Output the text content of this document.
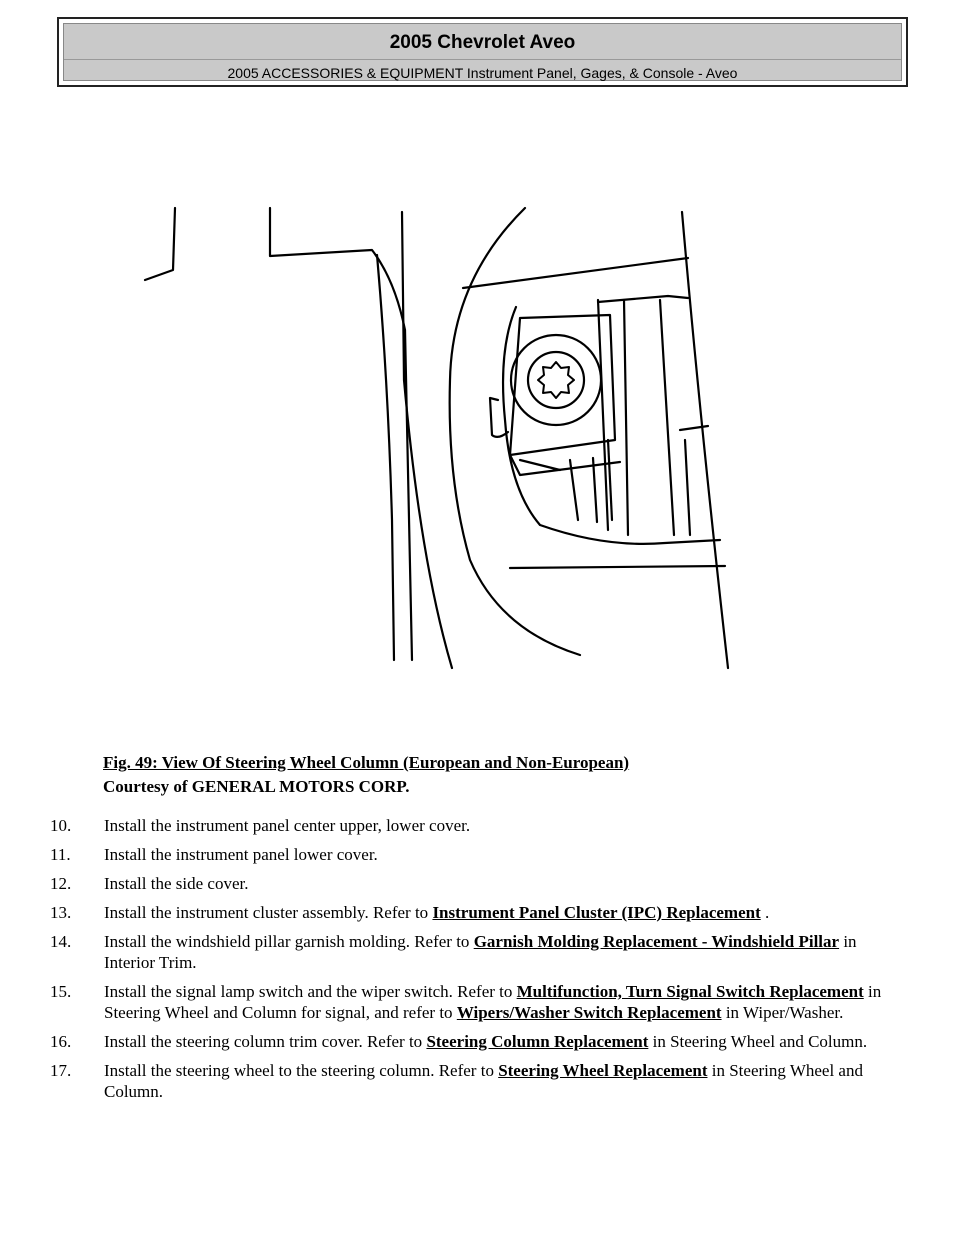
2005 Chevrolet Aveo
2005 ACCESSORIES & EQUIPMENT Instrument Panel, Gages, & Console - Aveo
Fig. 49: View Of Steering Wheel Column (European and Non-European)
Courtesy of GENERAL MOTORS CORP.
10. Install the instrument panel center upper, lower cover.
11. Install the instrument panel lower cover.
12. Install the side cover.
13. Install the instrument cluster assembly. Refer to Instrument Panel Cluster (IPC) Replacement .
14. Install the windshield pillar garnish molding. Refer to Garnish Molding Replacement - Windshield Pillar in Interior Trim.
15. Install the signal lamp switch and the wiper switch. Refer to Multifunction, Turn Signal Switch Replacement in Steering Wheel and Column for signal, and refer to Wipers/Washer Switch Replacement in Wiper/Washer.
16. Install the steering column trim cover. Refer to Steering Column Replacement in Steering Wheel and Column.
17. Install the steering wheel to the steering column. Refer to Steering Wheel Replacement in Steering Wheel and Column.
